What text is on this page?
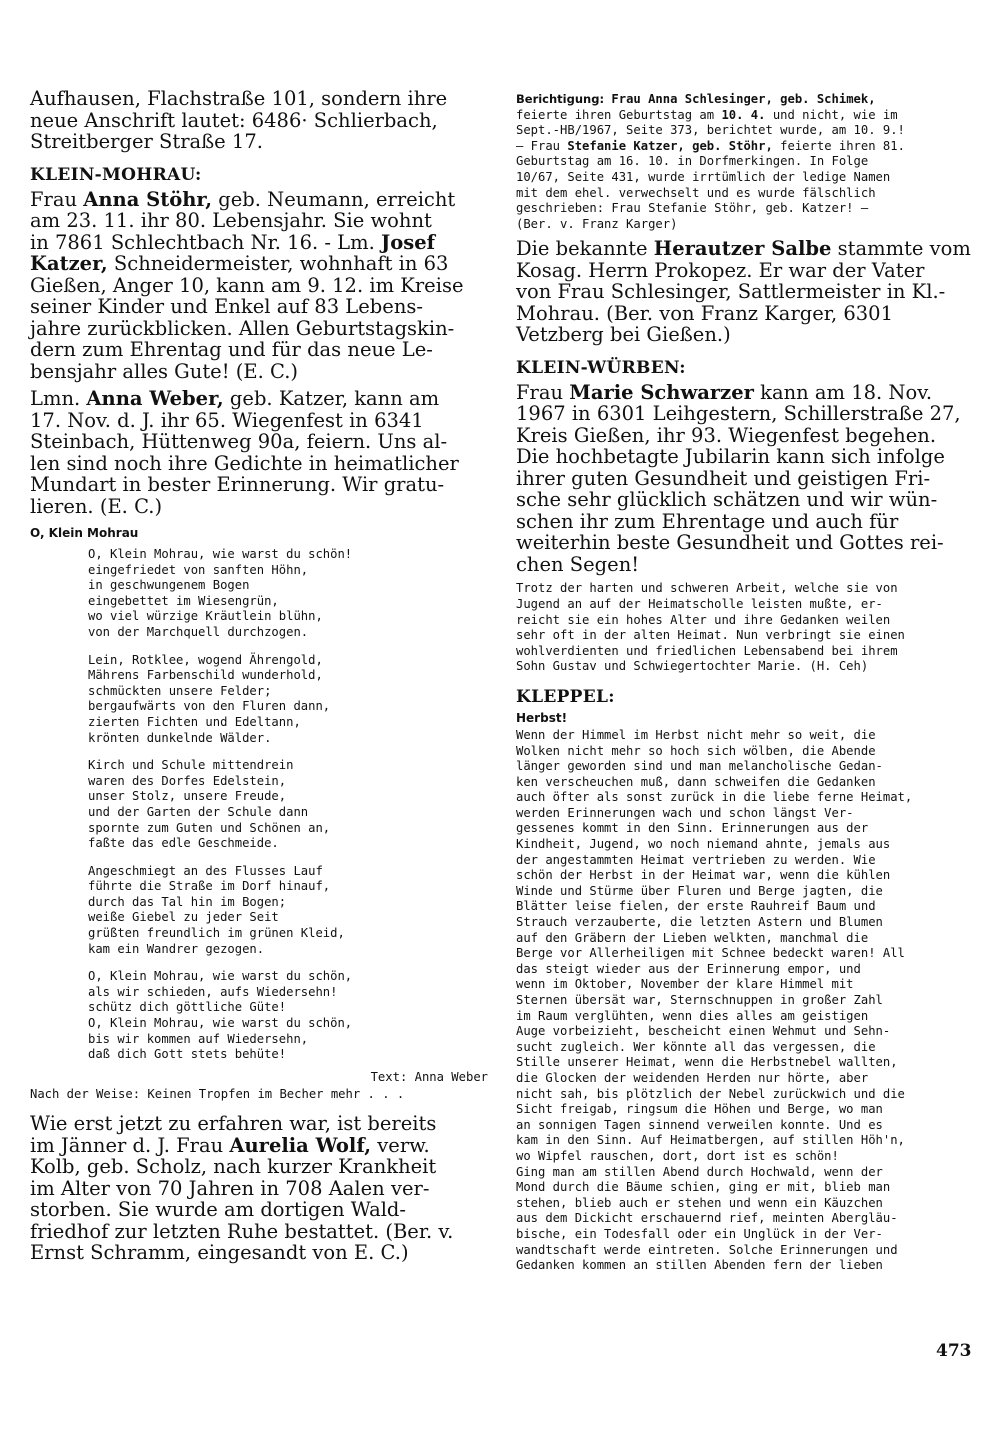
Aufhausen, Flachstraße 101, sondern ihre
neue Anschrift lautet: 6486· Schlierbach,
Streitberger Straße 17.
KLEIN-MOHRAU:
Frau Anna Stöhr, geb. Neumann, erreicht
am 23. 11. ihr 80. Lebensjahr. Sie wohnt
in 7861 Schlechtbach Nr. 16. - Lm. Josef
Katzer, Schneidermeister, wohnhaft in 63
Gießen, Anger 10, kann am 9. 12. im Kreise
seiner Kinder und Enkel auf 83 Lebens-
jahre zurückblicken. Allen Geburtstagskin-
dern zum Ehrentag und für das neue Le-
bensjahr alles Gute! (E. C.)
Lmn. Anna Weber, geb. Katzer, kann am
17. Nov. d. J. ihr 65. Wiegenfest in 6341
Steinbach, Hüttenweg 90a, feiern. Uns al-
len sind noch ihre Gedichte in heimatlicher
Mundart in bester Erinnerung. Wir gratu-
lieren. (E. C.)
O, Klein Mohrau
O, Klein Mohrau, wie warst du schön!
eingefriedet von sanften Höhn,
in geschwungenem Bogen
eingebettet im Wiesengrün,
wo viel würzige Kräutlein blühn,
von der Marchquell durchzogen.
Lein, Rotklee, wogend Ährengold,
Mährens Farbenschild wunderhold,
schmückten unsere Felder;
bergaufwärts von den Fluren dann,
zierten Fichten und Edeltann,
krönten dunkelnde Wälder.
Kirch und Schule mittendrein
waren des Dorfes Edelstein,
unser Stolz, unsere Freude,
und der Garten der Schule dann
spornte zum Guten und Schönen an,
faßte das edle Geschmeide.
Angeschmiegt an des Flusses Lauf
führte die Straße im Dorf hinauf,
durch das Tal hin im Bogen;
weiße Giebel zu jeder Seit
grüßten freundlich im grünen Kleid,
kam ein Wandrer gezogen.
O, Klein Mohrau, wie warst du schön,
als wir schieden, aufs Wiedersehn!
schütz dich göttliche Güte!
O, Klein Mohrau, wie warst du schön,
bis wir kommen auf Wiedersehn,
daß dich Gott stets behüte!
Text: Anna Weber
Nach der Weise: Keinen Tropfen im Becher mehr . . .
Wie erst jetzt zu erfahren war, ist bereits
im Jänner d. J. Frau Aurelia Wolf, verw.
Kolb, geb. Scholz, nach kurzer Krankheit
im Alter von 70 Jahren in 708 Aalen ver-
storben. Sie wurde am dortigen Wald-
friedhof zur letzten Ruhe bestattet. (Ber. v.
Ernst Schramm, eingesandt von E. C.)
Berichtigung: Frau Anna Schlesinger, geb. Schimek,
feierte ihren Geburtstag am 10. 4. und nicht, wie im
Sept.-HB/1967, Seite 373, berichtet wurde, am 10. 9.!
— Frau Stefanie Katzer, geb. Stöhr, feierte ihren 81.
Geburtstag am 16. 10. in Dorfmerkingen. In Folge
10/67, Seite 431, wurde irrtümlich der ledige Namen
mit dem ehel. verwechselt und es wurde fälschlich
geschrieben: Frau Stefanie Stöhr, geb. Katzer! —
(Ber. v. Franz Karger)
Die bekannte Herautzer Salbe stammte vom
Kosag. Herrn Prokopez. Er war der Vater
von Frau Schlesinger, Sattlermeister in Kl.-
Mohrau. (Ber. von Franz Karger, 6301
Vetzberg bei Gießen.)
KLEIN-WÜRBEN:
Frau Marie Schwarzer kann am 18. Nov.
1967 in 6301 Leihgestern, Schillerstraße 27,
Kreis Gießen, ihr 93. Wiegenfest begehen.
Die hochbetagte Jubilarin kann sich infolge
ihrer guten Gesundheit und geistigen Fri-
sche sehr glücklich schätzen und wir wün-
schen ihr zum Ehrentage und auch für
weiterhin beste Gesundheit und Gottes rei-
chen Segen!
Trotz der harten und schweren Arbeit, welche sie von
Jugend an auf der Heimatscholle leisten mußte, er-
reicht sie ein hohes Alter und ihre Gedanken weilen
sehr oft in der alten Heimat. Nun verbringt sie einen
wohlverdienten und friedlichen Lebensabend bei ihrem
Sohn Gustav und Schwiegertochter Marie. (H. Ceh)
KLEPPEL:
Herbst!
Wenn der Himmel im Herbst nicht mehr so weit, die
Wolken nicht mehr so hoch sich wölben, die Abende
länger geworden sind und man melancholische Gedan-
ken verscheuchen muß, dann schweifen die Gedanken
auch öfter als sonst zurück in die liebe ferne Heimat,
werden Erinnerungen wach und schon längst Ver-
gessenes kommt in den Sinn. Erinnerungen aus der
Kindheit, Jugend, wo noch niemand ahnte, jemals aus
der angestammten Heimat vertrieben zu werden. Wie
schön der Herbst in der Heimat war, wenn die kühlen
Winde und Stürme über Fluren und Berge jagten, die
Blätter leise fielen, der erste Rauhreif Baum und
Strauch verzauberte, die letzten Astern und Blumen
auf den Gräbern der Lieben welkten, manchmal die
Berge vor Allerheiligen mit Schnee bedeckt waren! All
das steigt wieder aus der Erinnerung empor, und
wenn im Oktober, November der klare Himmel mit
Sternen übersät war, Sternschnuppen in großer Zahl
im Raum verglühten, wenn dies alles am geistigen
Auge vorbeizieht, bescheicht einen Wehmut und Sehn-
sucht zugleich. Wer könnte all das vergessen, die
Stille unserer Heimat, wenn die Herbstnebel wallten,
die Glocken der weidenden Herden nur hörte, aber
nicht sah, bis plötzlich der Nebel zurückwich und die
Sicht freigab, ringsum die Höhen und Berge, wo man
an sonnigen Tagen sinnend verweilen konnte. Und es
kam in den Sinn. Auf Heimatbergen, auf stillen Höh'n,
wo Wipfel rauschen, dort, dort ist es schön!
Ging man am stillen Abend durch Hochwald, wenn der
Mond durch die Bäume schien, ging er mit, blieb man
stehen, blieb auch er stehen und wenn ein Käuzchen
aus dem Dickicht erschauernd rief, meinten Abergläu-
bische, ein Todesfall oder ein Unglück in der Ver-
wandtschaft werde eintreten. Solche Erinnerungen und
Gedanken kommen an stillen Abenden fern der lieben
473
